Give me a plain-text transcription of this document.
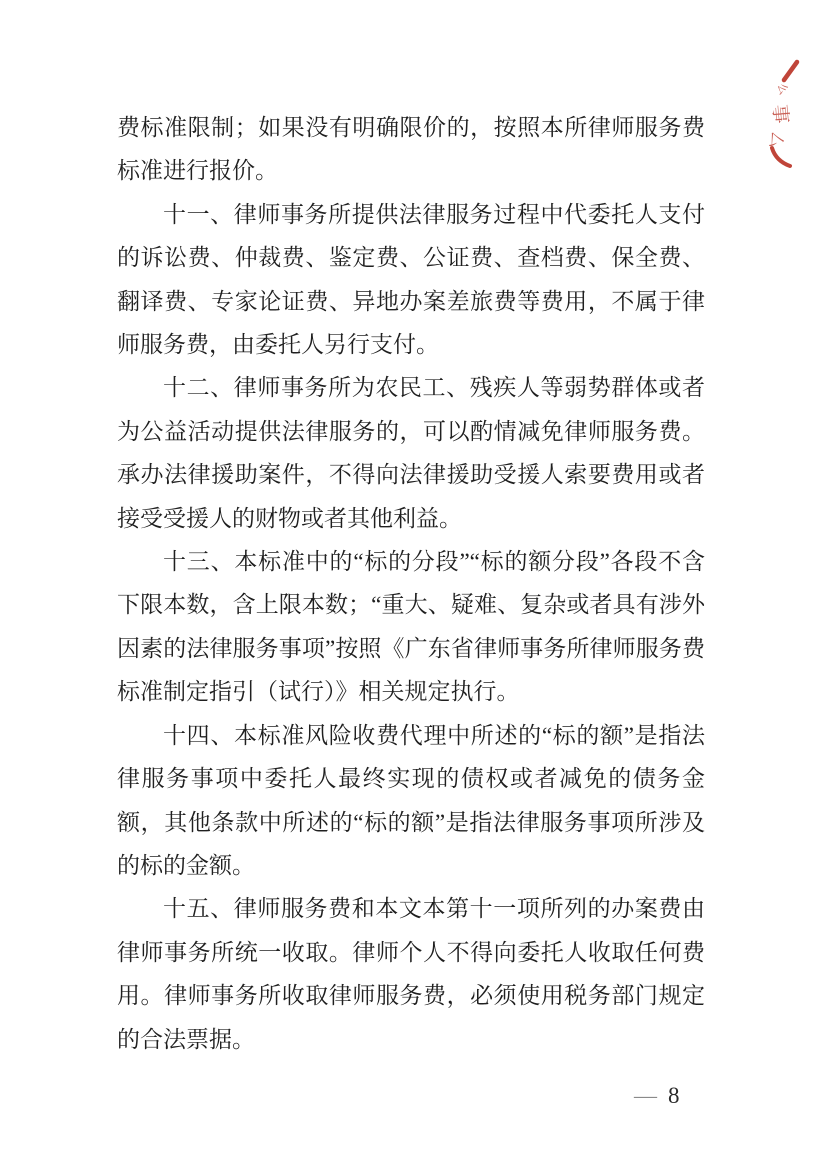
么
事
厶

费标准限制；如果没有明确限价的，按照本所律师服务费标准进行报价。

十一、律师事务所提供法律服务过程中代委托人支付的诉讼费、仲裁费、鉴定费、公证费、查档费、保全费、翻译费、专家论证费、异地办案差旅费等费用，不属于律师服务费，由委托人另行支付。

十二、律师事务所为农民工、残疾人等弱势群体或者为公益活动提供法律服务的，可以酌情减免律师服务费。承办法律援助案件，不得向法律援助受援人索要费用或者接受受援人的财物或者其他利益。

十三、本标准中的“标的分段”“标的额分段”各段不含下限本数，含上限本数；“重大、疑难、复杂或者具有涉外因素的法律服务事项”按照《广东省律师事务所律师服务费标准制定指引（试行）》相关规定执行。

十四、本标准风险收费代理中所述的“标的额”是指法律服务事项中委托人最终实现的债权或者减免的债务金额，其他条款中所述的“标的额”是指法律服务事项所涉及的标的金额。

十五、律师服务费和本文本第十一项所列的办案费由律师事务所统一收取。律师个人不得向委托人收取任何费用。律师事务所收取律师服务费，必须使用税务部门规定的合法票据。

— 8
